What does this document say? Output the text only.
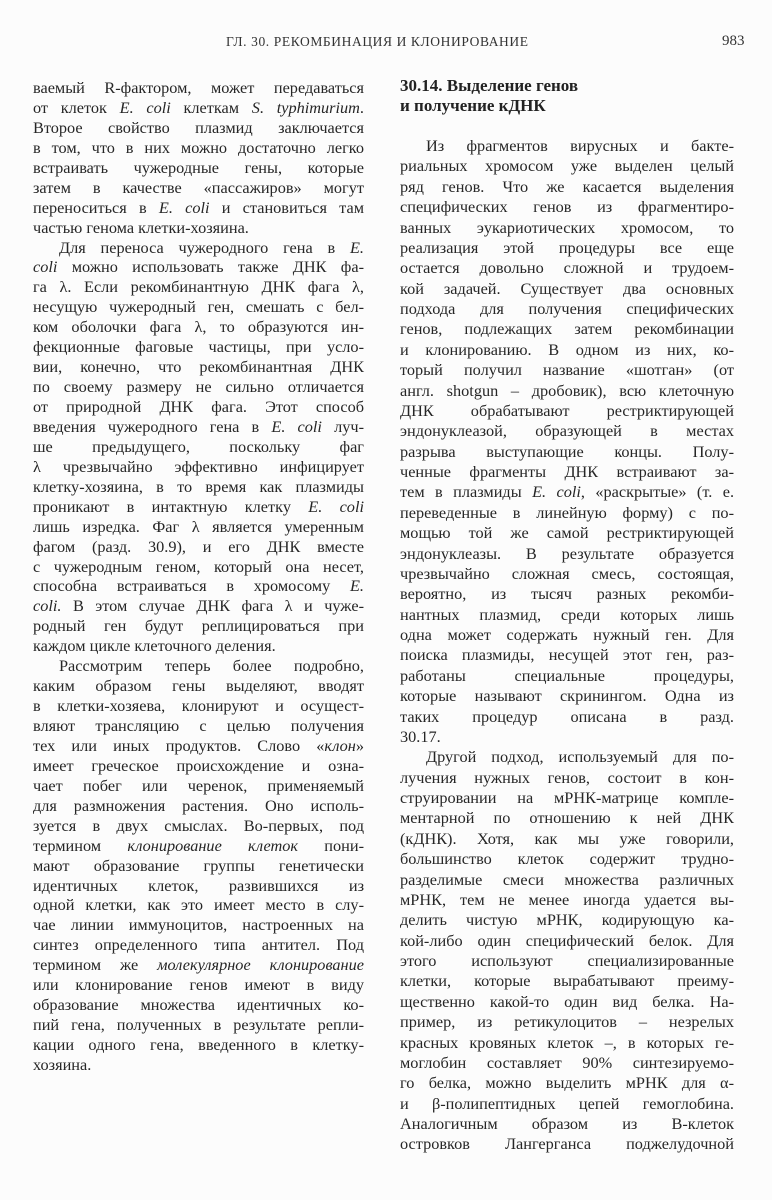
ГЛ. 30. РЕКОМБИНАЦИЯ И КЛОНИРОВАНИЕ	983
30.14. Выделение генов
и получение кДНК
ваемый R-фактором, может передаваться
от клеток E. coli клеткам S. typhimurium.
Второе свойство плазмид заключается
в том, что в них можно достаточно легко
встраивать чужеродные гены, которые
затем в качестве «пассажиров» могут
переноситься в E. coli и становиться там
частью генома клетки-хозяина.
Для переноса чужеродного гена в E.
coli можно использовать также ДНК фа-
га λ. Если рекомбинантную ДНК фага λ,
несущую чужеродный ген, смешать с бел-
ком оболочки фага λ, то образуются ин-
фекционные фаговые частицы, при усло-
вии, конечно, что рекомбинантная ДНК
по своему размеру не сильно отличается
от природной ДНК фага. Этот способ
введения чужеродного гена в E. coli луч-
ше предыдущего, поскольку фаг
λ чрезвычайно эффективно инфицирует
клетку-хозяина, в то время как плазмиды
проникают в интактную клетку E. coli
лишь изредка. Фаг λ является умеренным
фагом (разд. 30.9), и его ДНК вместе
с чужеродным геном, который она несет,
способна встраиваться в хромосому E.
coli. В этом случае ДНК фага λ и чуже-
родный ген будут реплицироваться при
каждом цикле клеточного деления.
Рассмотрим теперь более подробно,
каким образом гены выделяют, вводят
в клетки-хозяева, клонируют и осущест-
вляют трансляцию с целью получения
тех или иных продуктов. Слово «клон»
имеет греческое происхождение и озна-
чает побег или черенок, применяемый
для размножения растения. Оно исполь-
зуется в двух смыслах. Во-первых, под
термином клонирование клеток пони-
мают образование группы генетически
идентичных клеток, развившихся из
одной клетки, как это имеет место в слу-
чае линии иммуноцитов, настроенных на
синтез определенного типа антител. Под
термином же молекулярное клонирование
или клонирование генов имеют в виду
образование множества идентичных ко-
пий гена, полученных в результате репли-
кации одного гена, введенного в клетку-
хозяина.
Из фрагментов вирусных и бакте-
риальных хромосом уже выделен целый
ряд генов. Что же касается выделения
специфических генов из фрагментиро-
ванных эукариотических хромосом, то
реализация этой процедуры все еще
остается довольно сложной и трудоем-
кой задачей. Существует два основных
подхода для получения специфических
генов, подлежащих затем рекомбинации
и клонированию. В одном из них, ко-
торый получил название «шотган» (от
англ. shotgun – дробовик), всю клеточную
ДНК обрабатывают рестриктирующей
эндонуклеазой, образующей в местах
разрыва выступающие концы. Полу-
ченные фрагменты ДНК встраивают за-
тем в плазмиды E. coli, «раскрытые» (т. е.
переведенные в линейную форму) с по-
мощью той же самой рестриктирующей
эндонуклеазы. В результате образуется
чрезвычайно сложная смесь, состоящая,
вероятно, из тысяч разных рекомби-
нантных плазмид, среди которых лишь
одна может содержать нужный ген. Для
поиска плазмиды, несущей этот ген, раз-
работаны специальные процедуры,
которые называют скринингом. Одна из
таких процедур описана в разд.
30.17.
Другой подход, используемый для по-
лучения нужных генов, состоит в кон-
струировании на мРНК-матрице компле-
ментарной по отношению к ней ДНК
(кДНК). Хотя, как мы уже говорили,
большинство клеток содержит трудно-
разделимые смеси множества различных
мРНК, тем не менее иногда удается вы-
делить чистую мРНК, кодирующую ка-
кой-либо один специфический белок. Для
этого используют специализированные
клетки, которые вырабатывают преиму-
щественно какой-то один вид белка. На-
пример, из ретикулоцитов – незрелых
красных кровяных клеток –, в которых ге-
моглобин составляет 90% синтезируемо-
го белка, можно выделить мРНК для α-
и β-полипептидных цепей гемоглобина.
Аналогичным образом из В-клеток
островков Лангерганса поджелудочной
